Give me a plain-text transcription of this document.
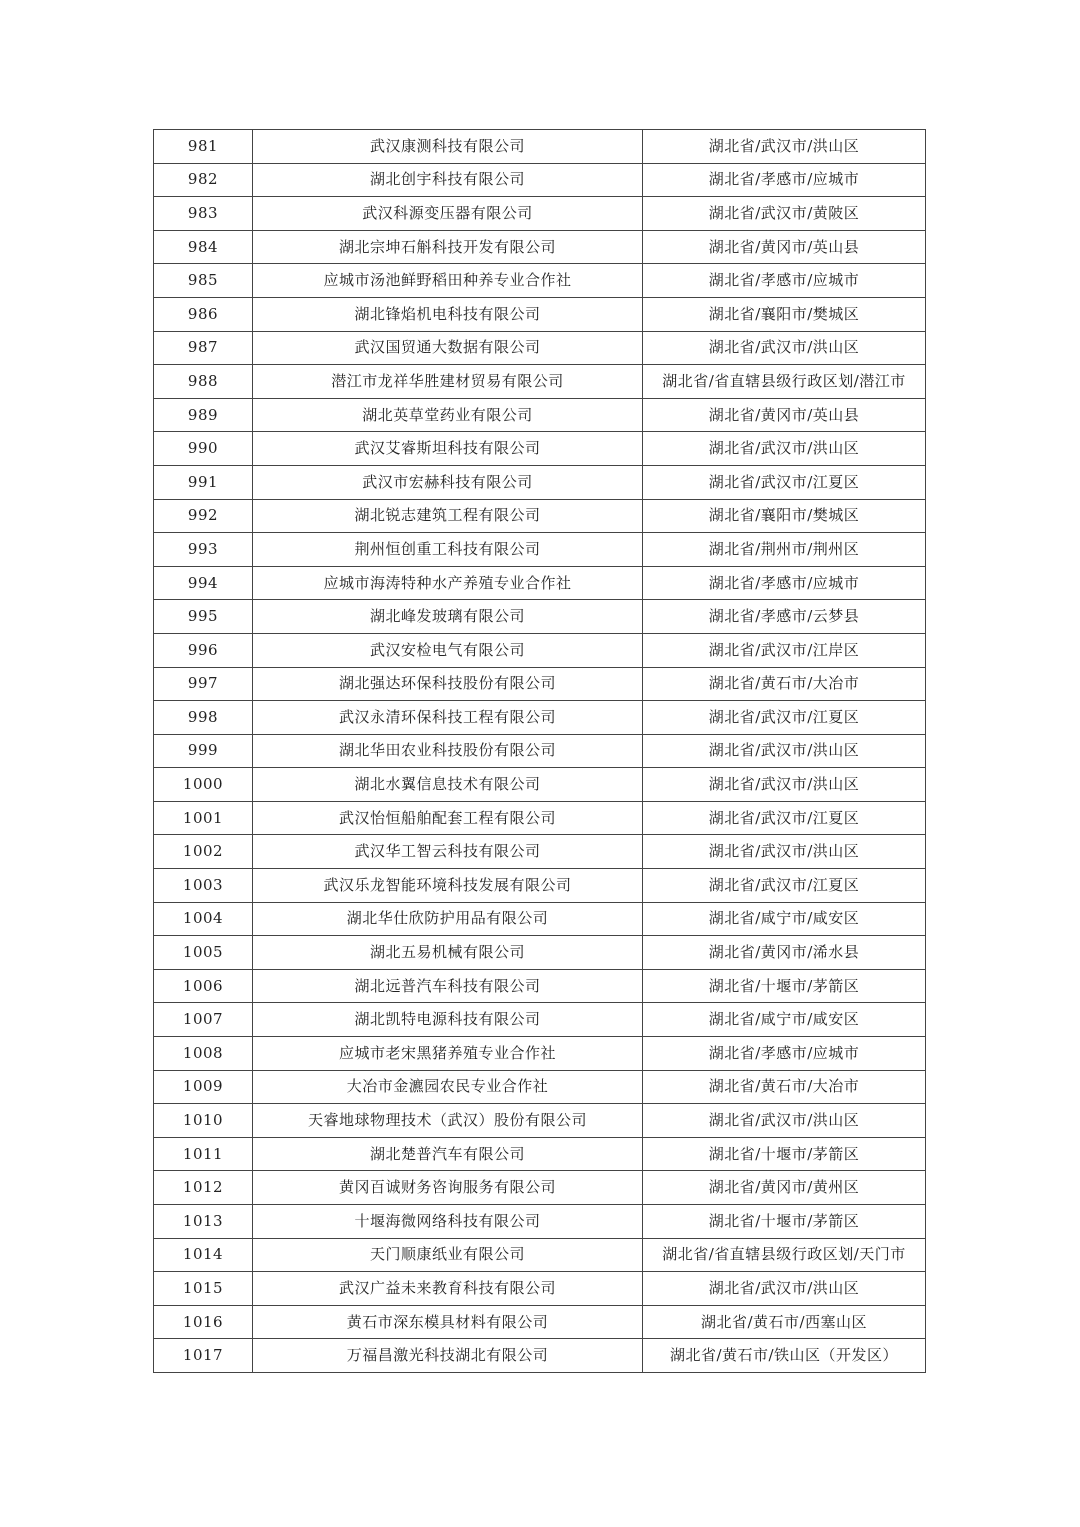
981	武汉康测科技有限公司	湖北省/武汉市/洪山区
982	湖北创宇科技有限公司	湖北省/孝感市/应城市
983	武汉科源变压器有限公司	湖北省/武汉市/黄陂区
984	湖北宗坤石斛科技开发有限公司	湖北省/黄冈市/英山县
985	应城市汤池鲜野稻田种养专业合作社	湖北省/孝感市/应城市
986	湖北锋焰机电科技有限公司	湖北省/襄阳市/樊城区
987	武汉国贸通大数据有限公司	湖北省/武汉市/洪山区
988	潜江市龙祥华胜建材贸易有限公司	湖北省/省直辖县级行政区划/潜江市
989	湖北英草堂药业有限公司	湖北省/黄冈市/英山县
990	武汉艾睿斯坦科技有限公司	湖北省/武汉市/洪山区
991	武汉市宏赫科技有限公司	湖北省/武汉市/江夏区
992	湖北锐志建筑工程有限公司	湖北省/襄阳市/樊城区
993	荆州恒创重工科技有限公司	湖北省/荆州市/荆州区
994	应城市海涛特种水产养殖专业合作社	湖北省/孝感市/应城市
995	湖北峰发玻璃有限公司	湖北省/孝感市/云梦县
996	武汉安检电气有限公司	湖北省/武汉市/江岸区
997	湖北强达环保科技股份有限公司	湖北省/黄石市/大冶市
998	武汉永清环保科技工程有限公司	湖北省/武汉市/江夏区
999	湖北华田农业科技股份有限公司	湖北省/武汉市/洪山区
1000	湖北水翼信息技术有限公司	湖北省/武汉市/洪山区
1001	武汉怡恒船舶配套工程有限公司	湖北省/武汉市/江夏区
1002	武汉华工智云科技有限公司	湖北省/武汉市/洪山区
1003	武汉乐龙智能环境科技发展有限公司	湖北省/武汉市/江夏区
1004	湖北华仕欣防护用品有限公司	湖北省/咸宁市/咸安区
1005	湖北五易机械有限公司	湖北省/黄冈市/浠水县
1006	湖北远普汽车科技有限公司	湖北省/十堰市/茅箭区
1007	湖北凯特电源科技有限公司	湖北省/咸宁市/咸安区
1008	应城市老宋黑猪养殖专业合作社	湖北省/孝感市/应城市
1009	大冶市金瀌园农民专业合作社	湖北省/黄石市/大冶市
1010	天睿地球物理技术（武汉）股份有限公司	湖北省/武汉市/洪山区
1011	湖北楚普汽车有限公司	湖北省/十堰市/茅箭区
1012	黄冈百诚财务咨询服务有限公司	湖北省/黄冈市/黄州区
1013	十堰海微网络科技有限公司	湖北省/十堰市/茅箭区
1014	天门顺康纸业有限公司	湖北省/省直辖县级行政区划/天门市
1015	武汉广益未来教育科技有限公司	湖北省/武汉市/洪山区
1016	黄石市深东模具材料有限公司	湖北省/黄石市/西塞山区
1017	万福昌激光科技湖北有限公司	湖北省/黄石市/铁山区（开发区）
